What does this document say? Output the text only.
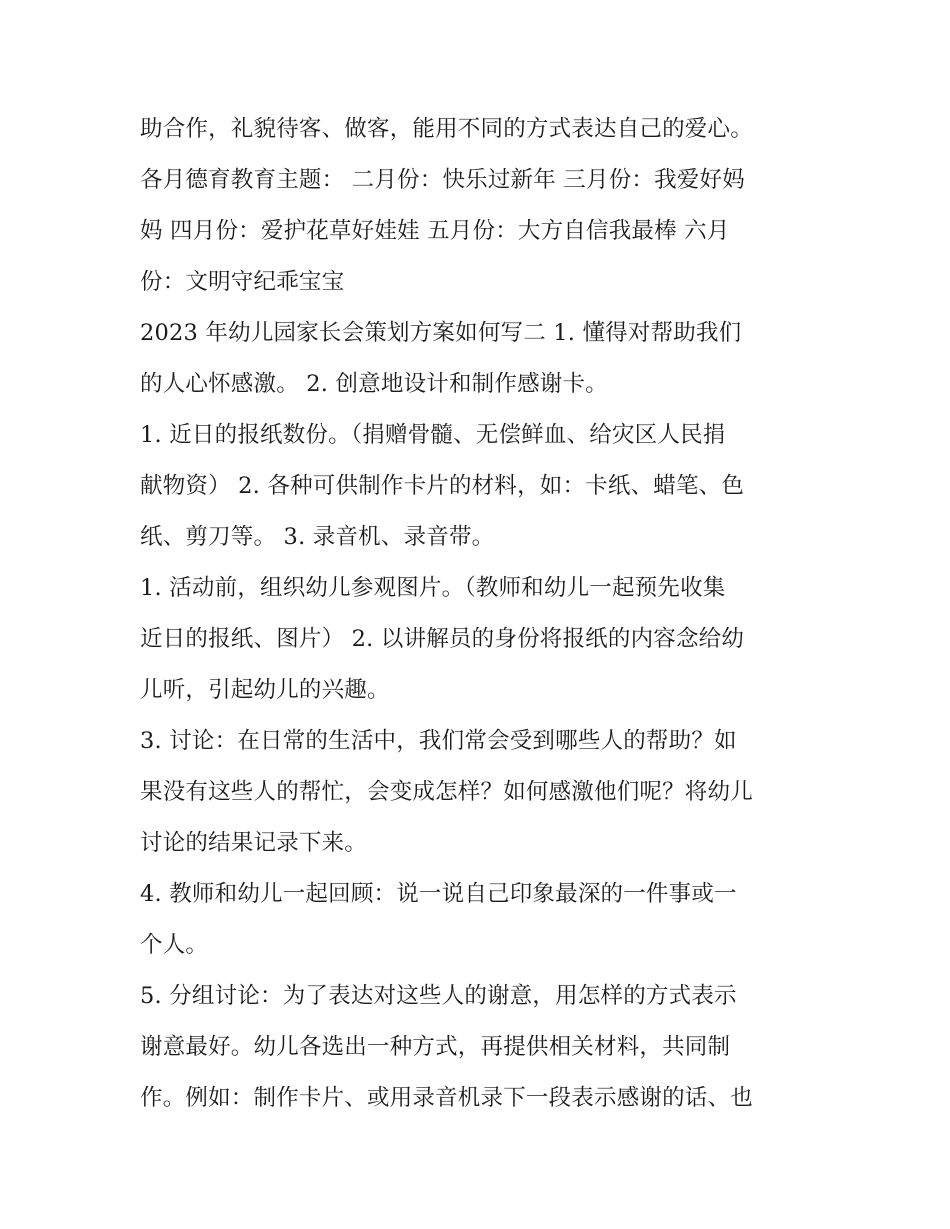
助合作，礼貌待客、做客，能用不同的方式表达自己的爱心。
各月德育教育主题： 二月份：快乐过新年 三月份：我爱好妈
妈 四月份：爱护花草好娃娃 五月份：大方自信我最棒 六月
份：文明守纪乖宝宝
2023 年幼儿园家长会策划方案如何写二 1. 懂得对帮助我们
的人心怀感激。 2. 创意地设计和制作感谢卡。
1. 近日的报纸数份。（捐赠骨髓、无偿鲜血、给灾区人民捐
献物资） 2. 各种可供制作卡片的材料，如：卡纸、蜡笔、色
纸、剪刀等。 3. 录音机、录音带。
1. 活动前，组织幼儿参观图片。（教师和幼儿一起预先收集
近日的报纸、图片） 2. 以讲解员的身份将报纸的内容念给幼
儿听，引起幼儿的兴趣。
3. 讨论：在日常的生活中，我们常会受到哪些人的帮助？如
果没有这些人的帮忙，会变成怎样？如何感激他们呢？将幼儿
讨论的结果记录下来。
4. 教师和幼儿一起回顾：说一说自己印象最深的一件事或一
个人。
5. 分组讨论：为了表达对这些人的谢意，用怎样的方式表示
谢意最好。幼儿各选出一种方式，再提供相关材料，共同制
作。例如：制作卡片、或用录音机录下一段表示感谢的话、也
